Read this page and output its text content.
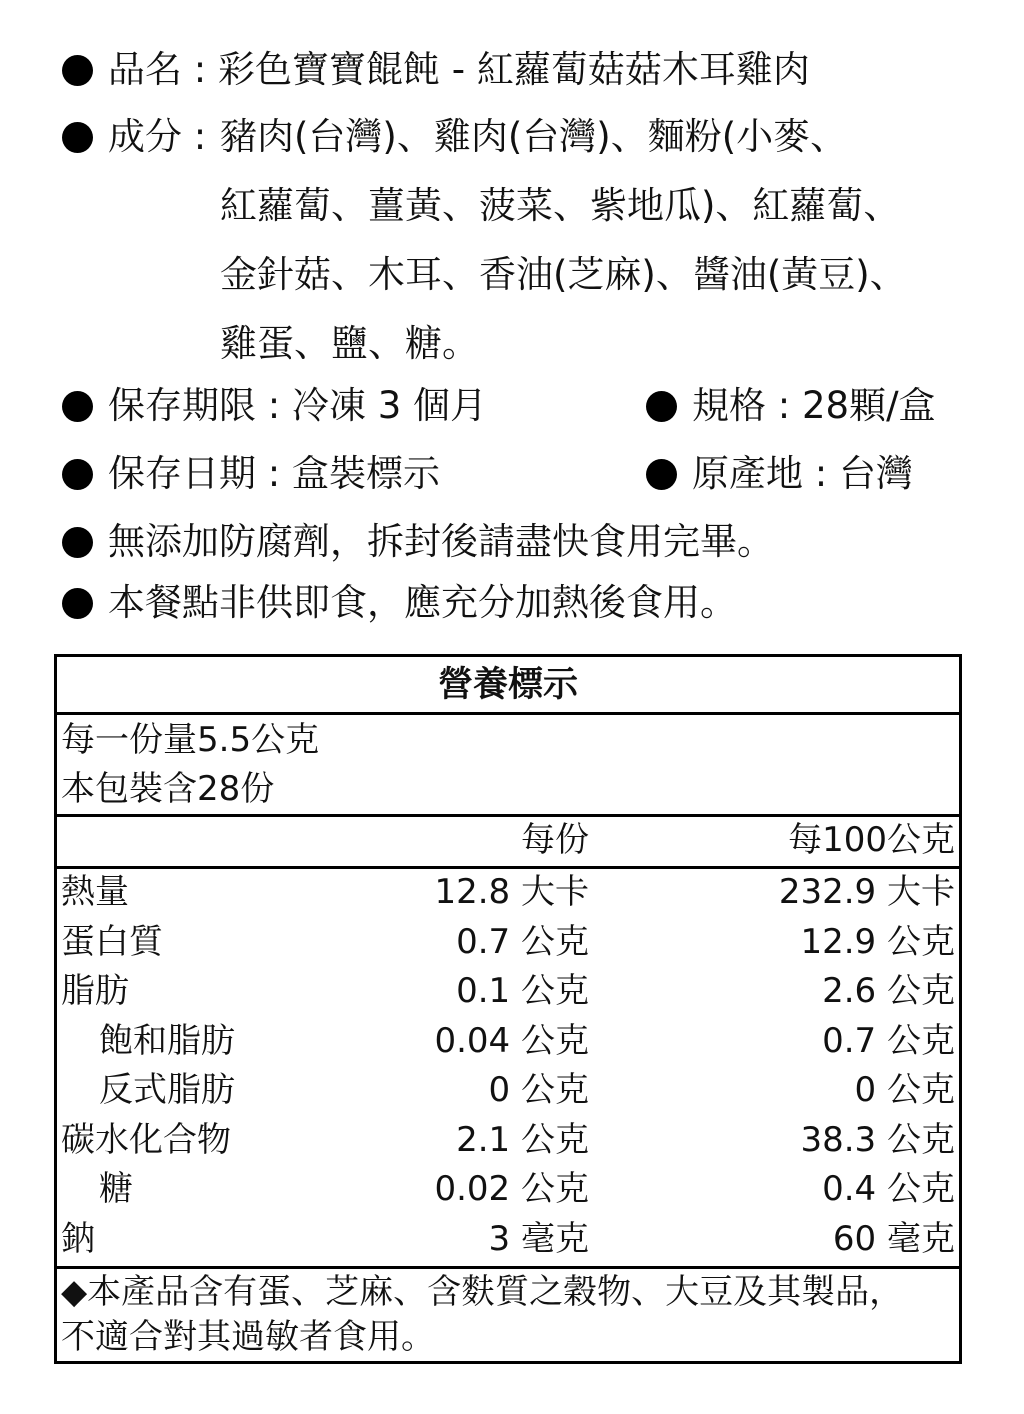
品名 : 彩色寶寶餛飩 - 紅蘿蔔菇菇木耳雞肉
成分 : 豬肉(台灣)、雞肉(台灣)、麵粉(小麥、
紅蘿蔔、薑黃、菠菜、紫地瓜)、紅蘿蔔、
金針菇、木耳、香油(芝麻)、醬油(黃豆)、
雞蛋、鹽、糖。
保存期限 : 冷凍 3 個月	規格 : 28顆/盒
保存日期 : 盒裝標示	原產地 : 台灣
無添加防腐劑，拆封後請盡快食用完畢。
本餐點非供即食，應充分加熱後食用。
營養標示
每一份量5.5公克
本包裝含28份
每份	每100公克
熱量	12.8 大卡	232.9 大卡
蛋白質	0.7 公克	12.9 公克
脂肪	0.1 公克	2.6 公克
飽和脂肪	0.04 公克	0.7 公克
反式脂肪	0 公克	0 公克
碳水化合物	2.1 公克	38.3 公克
糖	0.02 公克	0.4 公克
鈉	3 毫克	60 毫克
◆本產品含有蛋、芝麻、含麩質之穀物、大豆及其製品，
不適合對其過敏者食用。
